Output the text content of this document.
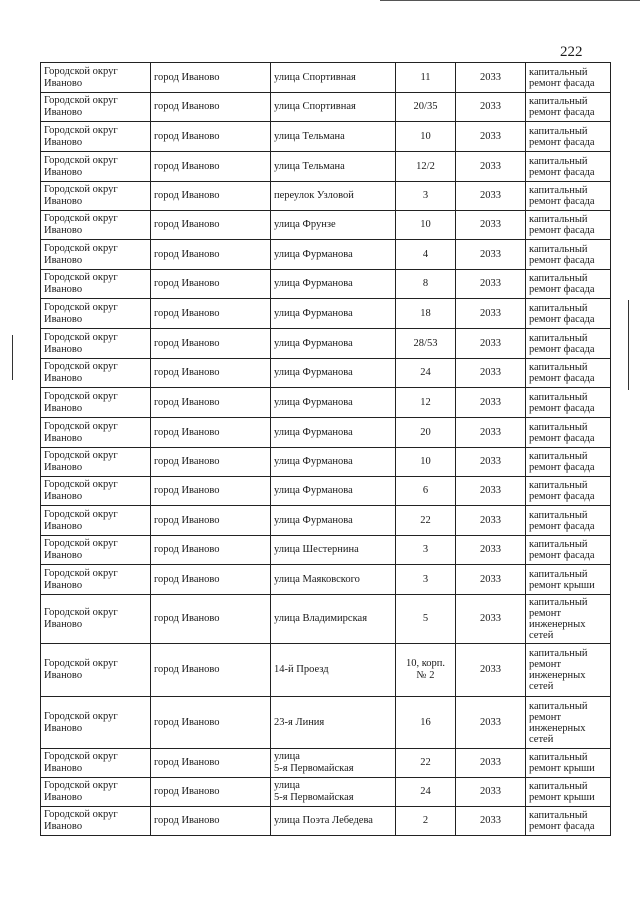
222
Городской округ
Иваново	город Иваново	улица Спортивная	11	2033	капитальный
ремонт фасада
Городской округ
Иваново	город Иваново	улица Спортивная	20/35	2033	капитальный
ремонт фасада
Городской округ
Иваново	город Иваново	улица Тельмана	10	2033	капитальный
ремонт фасада
Городской округ
Иваново	город Иваново	улица Тельмана	12/2	2033	капитальный
ремонт фасада
Городской округ
Иваново	город Иваново	переулок Узловой	3	2033	капитальный
ремонт фасада
Городской округ
Иваново	город Иваново	улица Фрунзе	10	2033	капитальный
ремонт фасада
Городской округ
Иваново	город Иваново	улица Фурманова	4	2033	капитальный
ремонт фасада
Городской округ
Иваново	город Иваново	улица Фурманова	8	2033	капитальный
ремонт фасада
Городской округ
Иваново	город Иваново	улица Фурманова	18	2033	капитальный
ремонт фасада
Городской округ
Иваново	город Иваново	улица Фурманова	28/53	2033	капитальный
ремонт фасада
Городской округ
Иваново	город Иваново	улица Фурманова	24	2033	капитальный
ремонт фасада
Городской округ
Иваново	город Иваново	улица Фурманова	12	2033	капитальный
ремонт фасада
Городской округ
Иваново	город Иваново	улица Фурманова	20	2033	капитальный
ремонт фасада
Городской округ
Иваново	город Иваново	улица Фурманова	10	2033	капитальный
ремонт фасада
Городской округ
Иваново	город Иваново	улица Фурманова	6	2033	капитальный
ремонт фасада
Городской округ
Иваново	город Иваново	улица Фурманова	22	2033	капитальный
ремонт фасада
Городской округ
Иваново	город Иваново	улица Шестернина	3	2033	капитальный
ремонт фасада
Городской округ
Иваново	город Иваново	улица Маяковского	3	2033	капитальный
ремонт крыши
Городской округ
Иваново	город Иваново	улица Владимирская	5	2033	капитальный
ремонт
инженерных
сетей
Городской округ
Иваново	город Иваново	14-й Проезд	10, корп.
№ 2	2033	капитальный
ремонт
инженерных
сетей
Городской округ
Иваново	город Иваново	23-я Линия	16	2033	капитальный
ремонт
инженерных
сетей
Городской округ
Иваново	город Иваново	улица
5-я Первомайская	22	2033	капитальный
ремонт крыши
Городской округ
Иваново	город Иваново	улица
5-я Первомайская	24	2033	капитальный
ремонт крыши
Городской округ
Иваново	город Иваново	улица Поэта Лебедева	2	2033	капитальный
ремонт фасада
